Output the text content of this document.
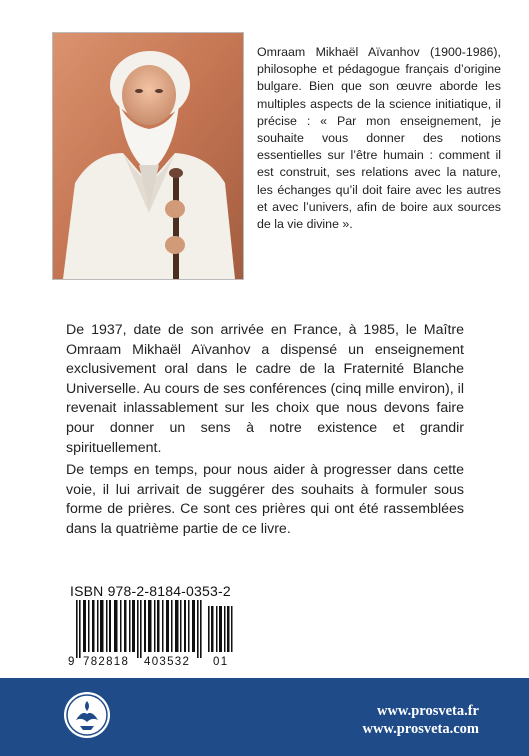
Omraam Mikhaël Aïvanhov (1900-1986), philosophe et pédagogue français d’origine bulgare. Bien que son œuvre aborde les multiples aspects de la science initiatique, il précise : « Par mon enseignement, je souhaite vous donner des notions essentielles sur l’être humain : comment il est construit, ses relations avec la nature, les échanges qu’il doit faire avec les autres et avec l’univers, afin de boire aux sources de la vie divine ».

De 1937, date de son arrivée en France, à 1985, le Maître Omraam Mikhaël Aïvanhov a dispensé un enseignement exclusivement oral dans le cadre de la Fraternité Blanche Universelle. Au cours de ses conférences (cinq mille environ), il revenait inlassablement sur les choix que nous devons faire pour donner un sens à notre existence et grandir spirituellement.

De temps en temps, pour nous aider à progresser dans cette voie, il lui arrivait de suggérer des souhaits à formuler sous forme de prières. Ce sont ces prières qui ont été rassemblées dans la quatrième partie de ce livre.

ISBN 978-2-8184-0353-2
9 782818 403532 01
www.prosveta.fr
www.prosveta.com
